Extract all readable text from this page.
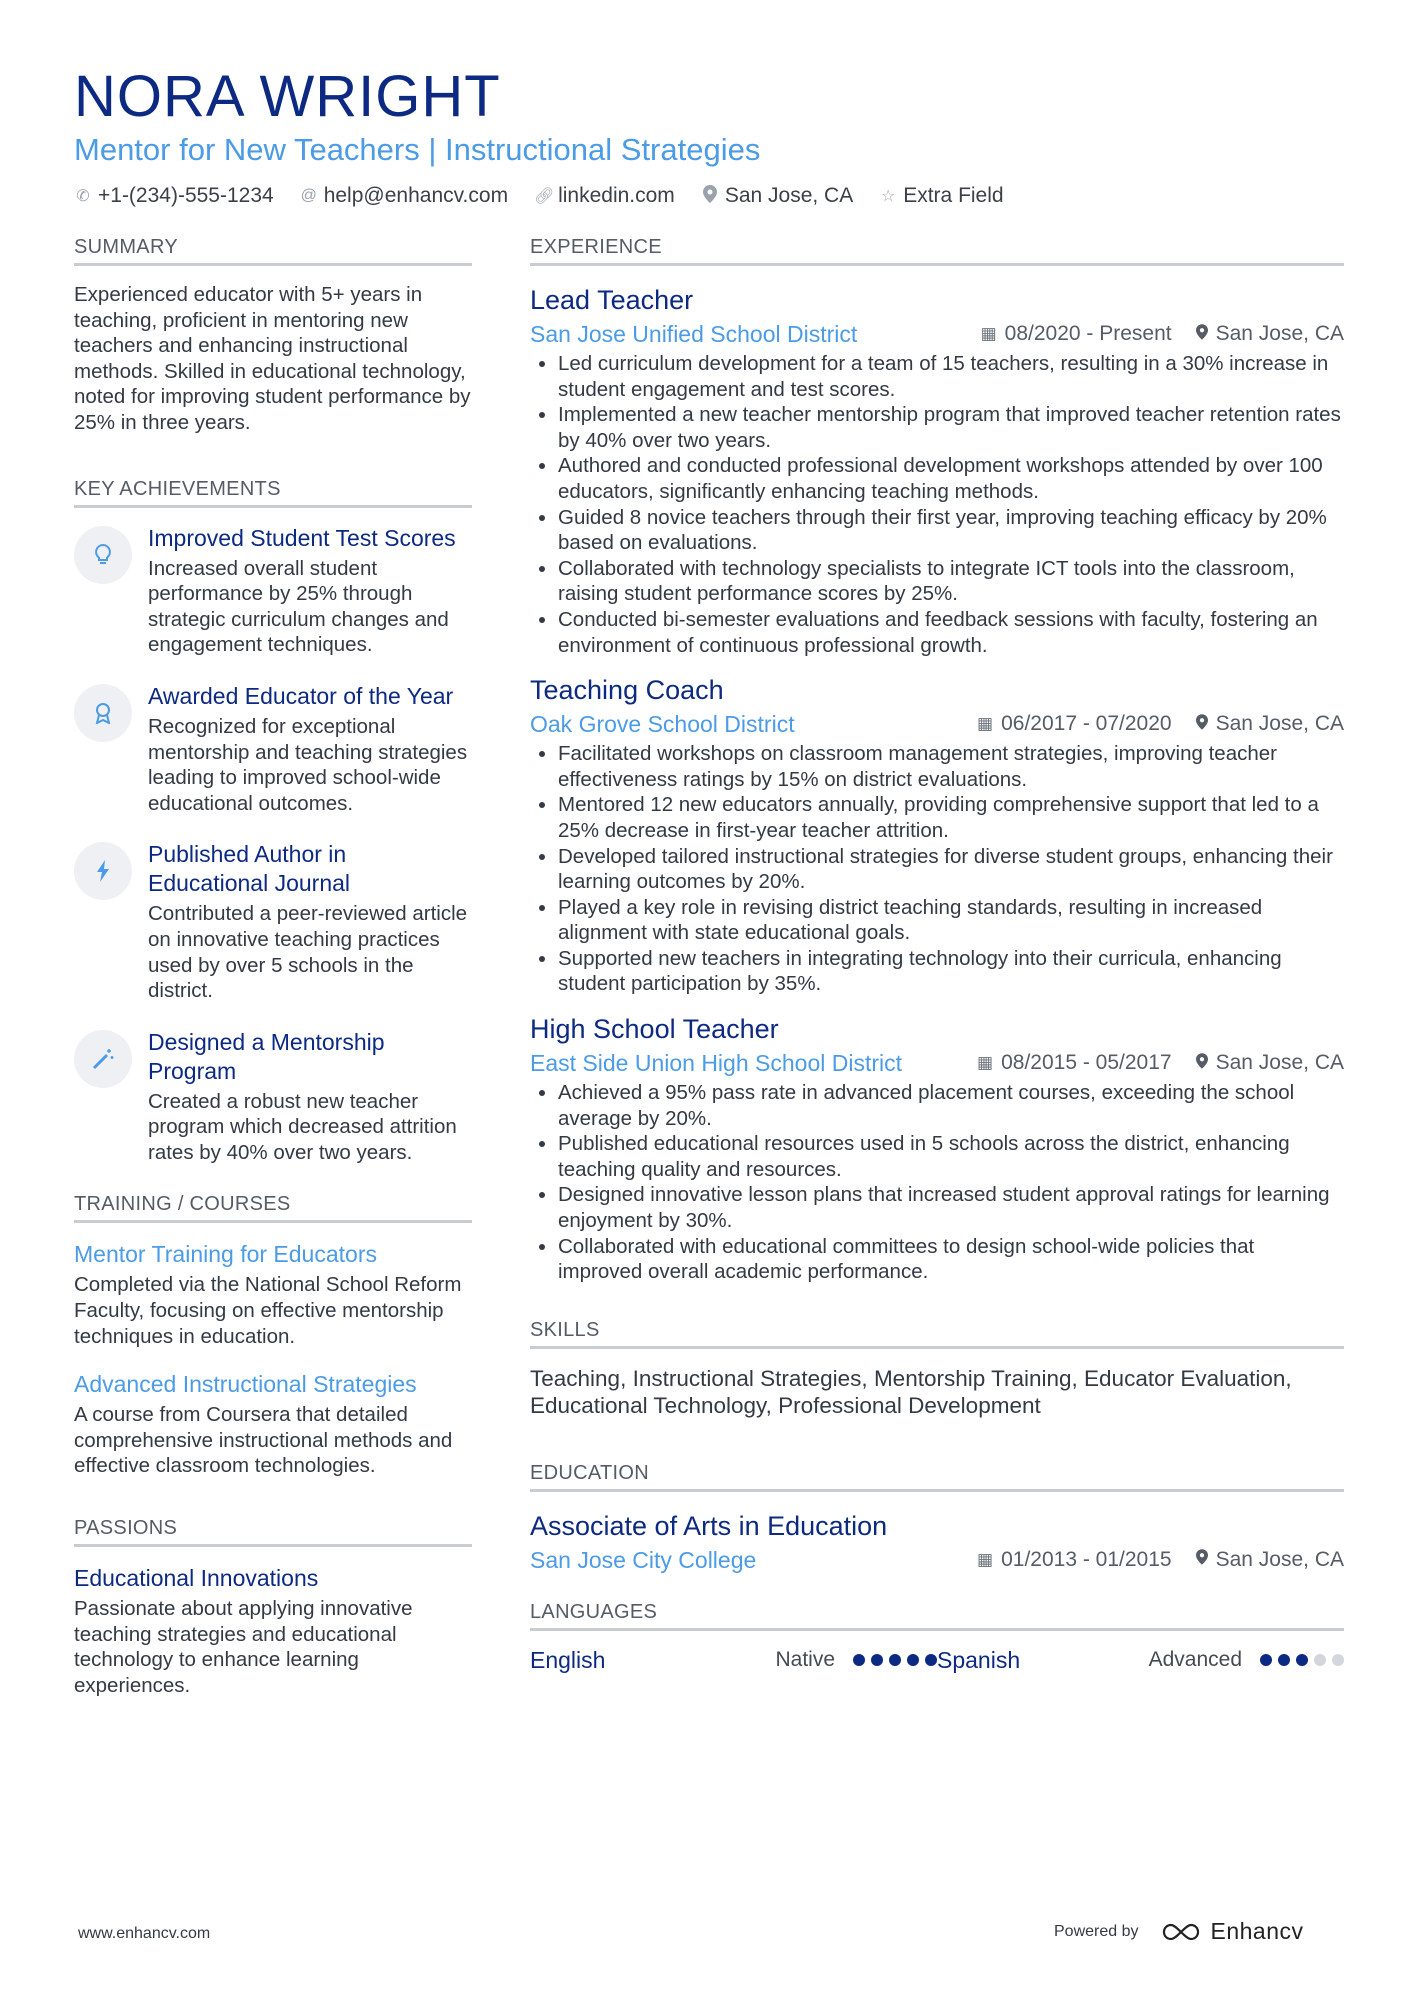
NORA WRIGHT
Mentor for New Teachers | Instructional Strategies
✆ +1-(234)-555-1234 @ help@enhancv.com 🔗︎ linkedin.com San Jose, CA ☆ Extra Field
SUMMARY
Experienced educator with 5+ years in teaching, proficient in mentoring new teachers and enhancing instructional methods. Skilled in educational technology, noted for improving student performance by 25% in three years.
KEY ACHIEVEMENTS
Improved Student Test Scores
Increased overall student performance by 25% through strategic curriculum changes and engagement techniques.
Awarded Educator of the Year
Recognized for exceptional mentorship and teaching strategies leading to improved school-wide educational outcomes.
Published Author in Educational Journal
Contributed a peer-reviewed article on innovative teaching practices used by over 5 schools in the district.
Designed a Mentorship Program
Created a robust new teacher program which decreased attrition rates by 40% over two years.
TRAINING / COURSES
Mentor Training for Educators
Completed via the National School Reform Faculty, focusing on effective mentorship techniques in education.
Advanced Instructional Strategies
A course from Coursera that detailed comprehensive instructional methods and effective classroom technologies.
PASSIONS
Educational Innovations
Passionate about applying innovative teaching strategies and educational technology to enhance learning experiences.
EXPERIENCE
Lead Teacher
San Jose Unified School District	▦ 08/2020 - Present San Jose, CA
• Led curriculum development for a team of 15 teachers, resulting in a 30% increase in student engagement and test scores.
• Implemented a new teacher mentorship program that improved teacher retention rates by 40% over two years.
• Authored and conducted professional development workshops attended by over 100 educators, significantly enhancing teaching methods.
• Guided 8 novice teachers through their first year, improving teaching efficacy by 20% based on evaluations.
• Collaborated with technology specialists to integrate ICT tools into the classroom, raising student performance scores by 25%.
• Conducted bi-semester evaluations and feedback sessions with faculty, fostering an environment of continuous professional growth.
Teaching Coach
Oak Grove School District	▦ 06/2017 - 07/2020 San Jose, CA
• Facilitated workshops on classroom management strategies, improving teacher effectiveness ratings by 15% on district evaluations.
• Mentored 12 new educators annually, providing comprehensive support that led to a 25% decrease in first-year teacher attrition.
• Developed tailored instructional strategies for diverse student groups, enhancing their learning outcomes by 20%.
• Played a key role in revising district teaching standards, resulting in increased alignment with state educational goals.
• Supported new teachers in integrating technology into their curricula, enhancing student participation by 35%.
High School Teacher
East Side Union High School District	▦ 08/2015 - 05/2017 San Jose, CA
• Achieved a 95% pass rate in advanced placement courses, exceeding the school average by 20%.
• Published educational resources used in 5 schools across the district, enhancing teaching quality and resources.
• Designed innovative lesson plans that increased student approval ratings for learning enjoyment by 30%.
• Collaborated with educational committees to design school-wide policies that improved overall academic performance.
SKILLS
Teaching, Instructional Strategies, Mentorship Training, Educator Evaluation, Educational Technology, Professional Development
EDUCATION
Associate of Arts in Education
San Jose City College	▦ 01/2013 - 01/2015 San Jose, CA
LANGUAGES
English	Native	Spanish	Advanced
www.enhancv.com	Powered by	Enhancv
